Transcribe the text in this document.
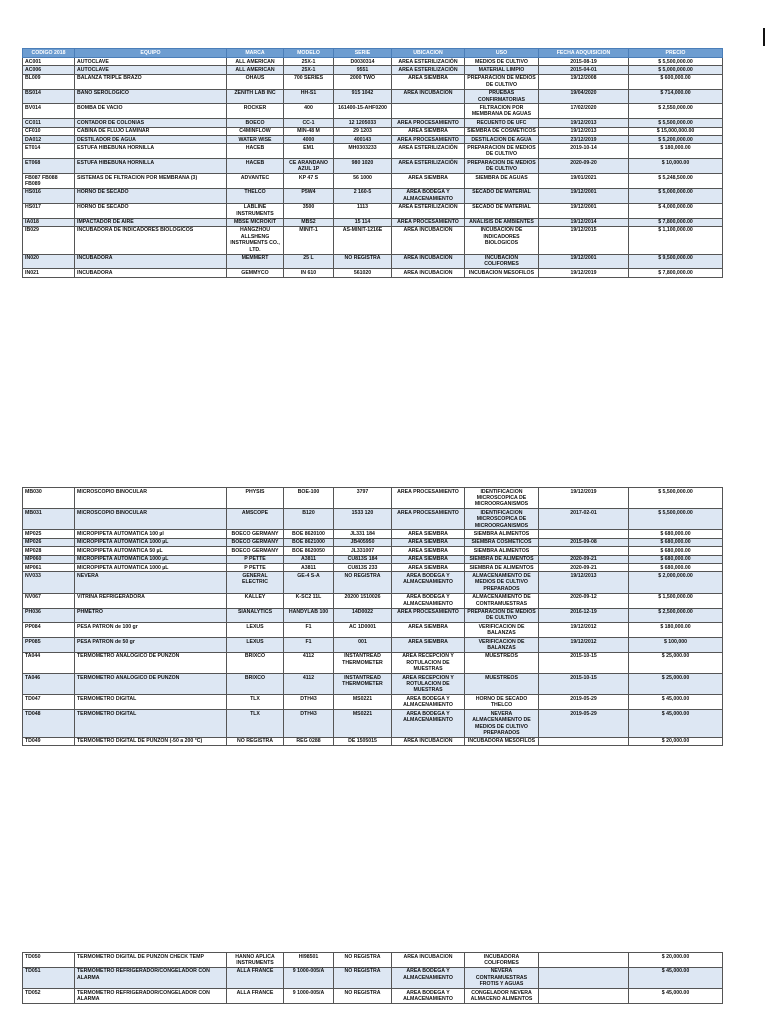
CODIGO 2018	EQUIPO	MARCA	MODELO	SERIE	UBICACION	USO	FECHA ADQUISICION	PRECIO
AC001	AUTOCLAVE	ALL AMERICAN	25X-1	D0030314	AREA ESTERILIZACIÓN	MEDIOS DE CULTIVO	2015-08-19	$ 5,500,000.00
AC006	AUTOCLAVE	ALL AMERICAN	25X-1	9551	AREA ESTERILIZACIÓN	MATERIAL LIMPIO	2015-04-01	$ 5,000,000.00
BL009	BALANZA TRIPLE BRAZO	OHAUS	700 SERIES	2000 TWO	AREA SIEMBRA	PREPARACION DE MEDIOS DE CULTIVO	19/12/2008	$ 600,000.00
BS014	BAÑO SEROLOGICO	ZENITH LAB INC	HH-S1	915 1042	AREA INCUBACION	PRUEBAS CONFIRMATORIAS	19/04/2020	$ 714,000.00
BV014	BOMBA DE VACIO	ROCKER	400	161400-15-AHF0200		FILTRACION POR MEMBRANA DE AGUAS	17/02/2020	$ 2,550,000.00
CC011	CONTADOR DE COLONIAS	BOECO	CC-1	12 1205033	AREA PROCESAMIENTO	RECUENTO DE UFC	19/12/2013	$ 5,500,000.00
CF010	CABINA DE FLUJO LAMINAR	C4MINFLOW	MIN-48 M	29 1203	AREA SIEMBRA	SIEMBRA DE COSMETICOS	19/12/2013	$ 15,000,000.00
DA012	DESTILADOR DE AGUA	WATER WISE	4000	400143	AREA PROCESAMIENTO	DESTILACION DE AGUA	23/12/2019	$ 5,200,000.00
ET014	ESTUFA HIBEBUNA HORNILLA	HACEB	EM1	MH0303233	AREA ESTERILIZACIÓN	PREPARACION DE MEDIOS DE CULTIVO	2019-10-14	$ 180,000.00
ET068	ESTUFA HIBEBUNA HORNILLA	HACEB	CE ARANDANO AZUL 1P	980 1020	AREA ESTERILIZACIÓN	PREPARACION DE MEDIOS DE CULTIVO	2020-09-20	$ 10,000.00
FB087 FB088 FB089	SISTEMAS DE FILTRACION POR MEMBRANA (3)	ADVANTEC	KP 47 S	56 1000	AREA SIEMBRA	SIEMBRA DE AGUAS	19/01/2021	$ 5,248,500.00
HS016	HORNO DE SECADO	THELCO	P5W4	2 160-5	AREA BODEGA Y ALMACENAMIENTO	SECADO DE MATERIAL	19/12/2001	$ 5,000,000.00
HS017	HORNO DE SECADO	LABLINE INSTRUMENTS	3500	1113	AREA ESTERILIZACIÓN	SECADO DE MATERIAL	19/12/2001	$ 4,000,000.00
IA018	IMPACTADOR DE AIRE	MBSE MICROKIT	MBS2	15 114	AREA PROCESAMIENTO	ANALISIS DE AMBIENTES	19/12/2014	$ 7,800,000.00
IB029	INCUBADORA DE INDICADORES BIOLOGICOS	HANGZHOU ALLSHENG INSTRUMENTS CO., LTD.	MINIT-1	AS-MINIT-1216E	AREA INCUBACION	INCUBACION DE INDICADORES BIOLOGICOS	19/12/2015	$ 1,100,000.00
IN020	INCUBADORA	MEMMERT	25 L	NO REGISTRA	AREA INCUBACION	INCUBACION COLIFORMES	19/12/2001	$ 9,500,000.00
IN021	INCUBADORA	GEMMYCO	IN 610	561020	AREA INCUBACION	INCUBACION MESOFILOS	19/12/2019	$ 7,800,000.00
MB030	MICROSCOPIO BINOCULAR	PHYSIS	BOE-100	3797	AREA PROCESAMIENTO	IDENTIFICACION MICROSCOPICA DE MICROORGANISMOS	19/12/2019	$ 5,500,000.00
MB031	MICROSCOPIO BINOCULAR	AMSCOPE	B120	1533 120	AREA PROCESAMIENTO	IDENTIFICACION MICROSCOPICA DE MICROORGANISMOS	2017-02-01	$ 5,500,000.00
MP025	MICROPIPETA AUTOMATICA 100 µl	BOECO GERMANY	BOE 8620100	JL331 184	AREA SIEMBRA	SIEMBRA ALIMENTOS		$ 680,000.00
MP026	MICROPIPETA AUTOMATICA 1000 µL	BOECO GERMANY	BOE 8621000	JB405950	AREA SIEMBRA	SIEMBRA COSMETICOS	2015-09-08	$ 680,000.00
MP028	MICROPIPETA AUTOMATICA 50 µL	BOECO GERMANY	BOE 8620050	JL331007	AREA SIEMBRA	SIEMBRA ALIMENTOS		$ 680,000.00
MP060	MICROPIPETA AUTOMATICA 1000 µL	P PETTE	A3811	CU813S 184	AREA SIEMBRA	SIEMBRA DE ALIMENTOS	2020-09-21	$ 680,000.00
MP061	MICROPIPETA AUTOMATICA 1000 µL	P PETTE	A3811	CU813S 233	AREA SIEMBRA	SIEMBRA DE ALIMENTOS	2020-09-21	$ 680,000.00
NV033	NEVERA	GENERAL ELECTRIC	GE-4 S-A	NO REGISTRA	AREA BODEGA Y ALMACENAMIENTO	ALMACENAMIENTO DE MEDIOS DE CULTIVO PREPARADOS	19/12/2013	$ 2,000,000.00
NV067	VITRINA REFRIGERADORA	KALLEY	K-SC2 11L	20200 1510026	AREA BODEGA Y ALMACENAMIENTO	ALMACENAMIENTO DE CONTRAMUESTRAS	2020-09-12	$ 1,500,000.00
PH036	PHMETRO	SIANALYTICS	HANDYLAB 100	14D0022	AREA PROCESAMIENTO	PREPARACION DE MEDIOS DE CULTIVO	2016-12-19	$ 2,500,000.00
PP084	PESA PATRON de 100 gr	LEXUS	F1	AC 1D0001	AREA SIEMBRA	VERIFICACION DE BALANZAS	19/12/2012	$ 180,000.00
PP085	PESA PATRON de 50 gr	LEXUS	F1	001	AREA SIEMBRA	VERIFICACION DE BALANZAS	19/12/2012	$ 100,000
TA044	TERMOMETRO ANALOGICO DE PUNZON	BRIXCO	4112	INSTANTREAD THERMOMETER	AREA RECEPCION Y ROTULACION DE MUESTRAS	MUESTREOS	2015-10-15	$ 25,000.00
TA046	TERMOMETRO ANALOGICO DE PUNZON	BRIXCO	4112	INSTANTREAD THERMOMETER	AREA RECEPCION Y ROTULACION DE MUESTRAS	MUESTREOS	2015-10-15	$ 25,000.00
TD047	TERMOMETRO DIGITAL	TLX	DTH43	MS0221	AREA BODEGA Y ALMACENAMIENTO	HORNO DE SECADO THELCO	2019-05-29	$ 45,000.00
TD048	TERMOMETRO DIGITAL	TLX	DTH43	MS0221	AREA BODEGA Y ALMACENAMIENTO	NEVERA ALMACENAMIENTO DE MEDIOS DE CULTIVO PREPARADOS	2019-05-29	$ 45,000.00
TD049	TERMOMETRO DIGITAL DE PUNZON (-50 a 200 °C)	NO REGISTRA	REG 0288	DE 1505015	AREA INCUBACION	INCUBADORA MESOFILOS		$ 20,000.00
TD050	TERMOMETRO DIGITAL DE PUNZON CHECK TEMP	HANNO APLICA INSTRUMENTS	HI98501	NO REGISTRA	AREA INCUBACION	INCUBADORA COLIFORMES		$ 20,000.00
TD051	TERMOMETRO REFRIGERADOR/CONGELADOR CON ALARMA	ALLA FRANCE	9 1000-005/A	NO REGISTRA	AREA BODEGA Y ALMACENAMIENTO	NEVERA CONTRAMUESTRAS FROTIS Y AGUAS		$ 45,000.00
TD052	TERMOMETRO REFRIGERADOR/CONGELADOR CON ALARMA	ALLA FRANCE	9 1000-005/A	NO REGISTRA	AREA BODEGA Y ALMACENAMIENTO	CONGELADOR NEVERA ALMACENO ALIMENTOS		$ 45,000.00
